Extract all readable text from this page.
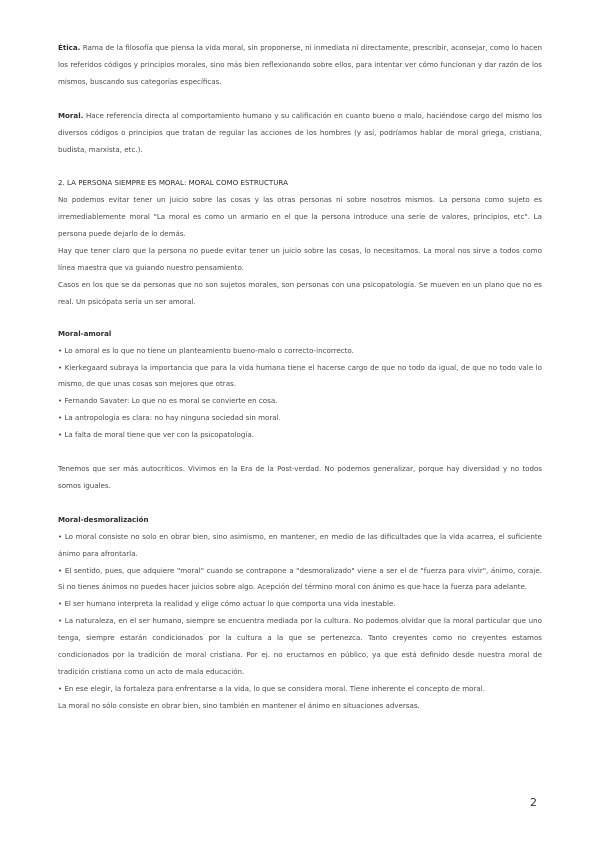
Ética. Rama de la filosofía que piensa la vida moral, sin proponerse, ni inmediata ni directamente, prescribir, aconsejar, como lo hacen los referidos códigos y principios morales, sino más bien reflexionando sobre ellos, para intentar ver cómo funcionan y dar razón de los mismos, buscando sus categorías específicas.

Moral. Hace referencia directa al comportamiento humano y su calificación en cuanto bueno o malo, haciéndose cargo del mismo los diversos códigos o principios que tratan de regular las acciones de los hombres (y así, podríamos hablar de moral griega, cristiana, budista, marxista, etc.).

2. LA PERSONA SIEMPRE ES MORAL: MORAL COMO ESTRUCTURA

No podemos evitar tener un juicio sobre las cosas y las otras personas ni sobre nosotros mismos. La persona como sujeto es irremediablemente moral "La moral es como un armario en el que la persona introduce una serie de valores, principios, etc". La persona puede dejarlo de lo demás.

Hay que tener claro que la persona no puede evitar tener un juicio sobre las cosas, lo necesitamos. La moral nos sirve a todos como línea maestra que va guiando nuestro pensamiento.

Casos en los que se da personas que no son sujetos morales, son personas con una psicopatología. Se mueven en un plano que no es real. Un psicópata sería un ser amoral.

Moral-amoral

• Lo amoral es lo que no tiene un planteamiento bueno-malo o correcto-incorrecto.

• Kierkegaard subraya la importancia que para la vida humana tiene el hacerse cargo de que no todo da igual, de que no todo vale lo mismo, de que unas cosas son mejores que otras.

• Fernando Savater: Lo que no es moral se convierte en cosa.

• La antropología es clara: no hay ninguna sociedad sin moral.

• La falta de moral tiene que ver con la psicopatología.

Tenemos que ser más autocríticos. Vivimos en la Era de la Post-verdad. No podemos generalizar, porque hay diversidad y no todos somos iguales.

Moral-desmoralización

• Lo moral consiste no solo en obrar bien, sino asimismo, en mantener, en medio de las dificultades que la vida acarrea, el suficiente ánimo para afrontarla.

• El sentido, pues, que adquiere "moral" cuando se contrapone a "desmoralizado" viene a ser el de "fuerza para vivir", ánimo, coraje. Si no tienes ánimos no puedes hacer juicios sobre algo. Acepción del término moral con ánimo es que hace la fuerza para adelante.

• El ser humano interpreta la realidad y elige cómo actuar lo que comporta una vida inestable.

• La naturaleza, en el ser humano, siempre se encuentra mediada por la cultura. No podemos olvidar que la moral particular que uno tenga, siempre estarán condicionados por la cultura a la que se pertenezca. Tanto creyentes como no creyentes estamos condicionados por la tradición de moral cristiana. Por ej. no eructamos en público, ya que está definido desde nuestra moral de tradición cristiana como un acto de mala educación.

• En ese elegir, la fortaleza para enfrentarse a la vida, lo que se considera moral. Tiene inherente el concepto de moral.

La moral no sólo consiste en obrar bien, sino también en mantener el ánimo en situaciones adversas.

2
